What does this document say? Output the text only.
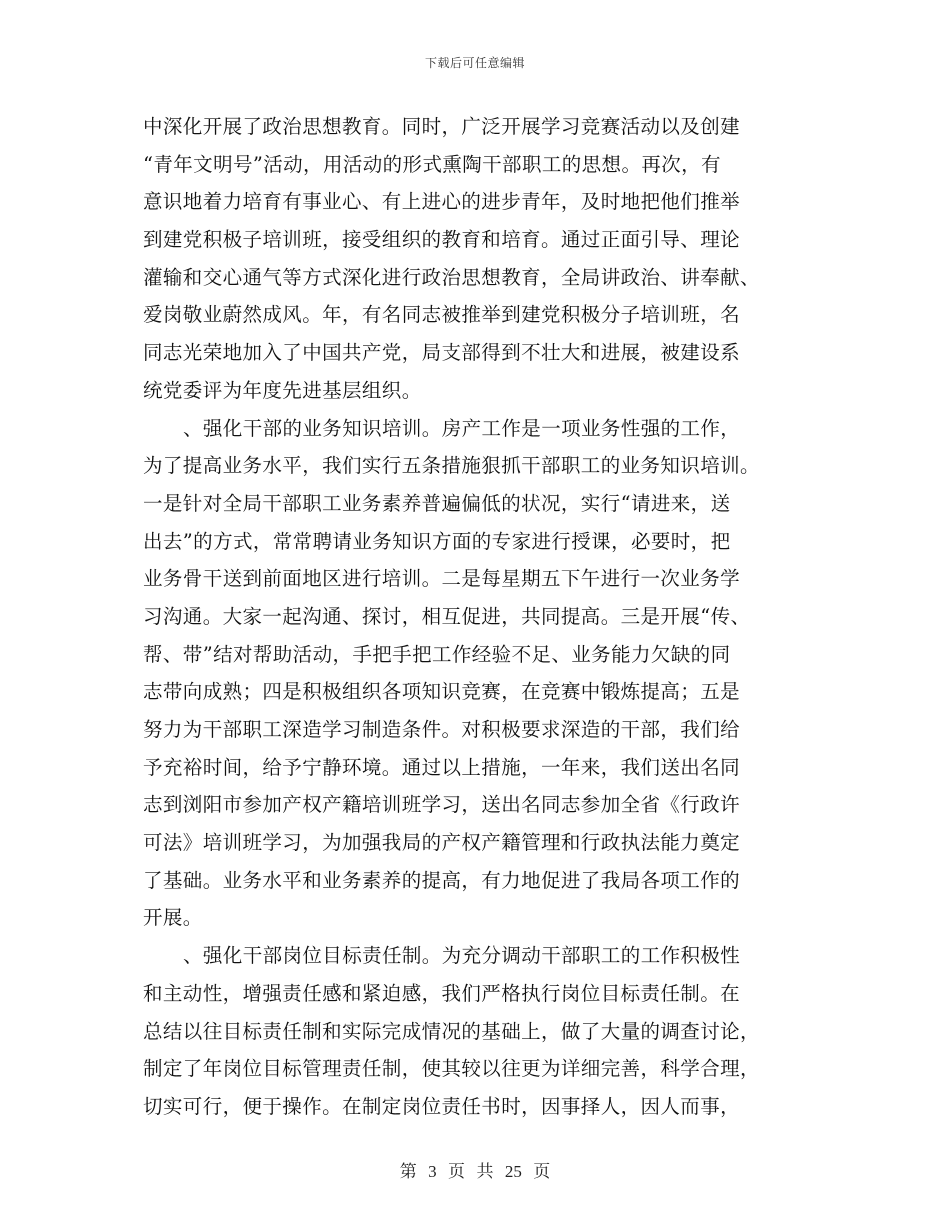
下载后可任意编辑
中深化开展了政治思想教育。同时，广泛开展学习竞赛活动以及创建
“青年文明号”活动，用活动的形式熏陶干部职工的思想。再次，有
意识地着力培育有事业心、有上进心的进步青年，及时地把他们推举
到建党积极子培训班，接受组织的教育和培育。通过正面引导、理论
灌输和交心通气等方式深化进行政治思想教育，全局讲政治、讲奉献、
爱岗敬业蔚然成风。年，有名同志被推举到建党积极分子培训班，名
同志光荣地加入了中国共产党，局支部得到不壮大和进展，被建设系
统党委评为年度先进基层组织。
、强化干部的业务知识培训。房产工作是一项业务性强的工作，
为了提高业务水平，我们实行五条措施狠抓干部职工的业务知识培训。
一是针对全局干部职工业务素养普遍偏低的状况，实行“请进来，送
出去”的方式，常常聘请业务知识方面的专家进行授课，必要时，把
业务骨干送到前面地区进行培训。二是每星期五下午进行一次业务学
习沟通。大家一起沟通、探讨，相互促进，共同提高。三是开展“传、
帮、带”结对帮助活动，手把手把工作经验不足、业务能力欠缺的同
志带向成熟；四是积极组织各项知识竞赛，在竞赛中锻炼提高；五是
努力为干部职工深造学习制造条件。对积极要求深造的干部，我们给
予充裕时间，给予宁静环境。通过以上措施，一年来，我们送出名同
志到浏阳市参加产权产籍培训班学习，送出名同志参加全省《行政许
可法》培训班学习，为加强我局的产权产籍管理和行政执法能力奠定
了基础。业务水平和业务素养的提高，有力地促进了我局各项工作的
开展。
、强化干部岗位目标责任制。为充分调动干部职工的工作积极性
和主动性，增强责任感和紧迫感，我们严格执行岗位目标责任制。在
总结以往目标责任制和实际完成情况的基础上，做了大量的调查讨论，
制定了年岗位目标管理责任制，使其较以往更为详细完善，科学合理，
切实可行，便于操作。在制定岗位责任书时，因事择人，因人而事，
第 3 页 共 25 页
